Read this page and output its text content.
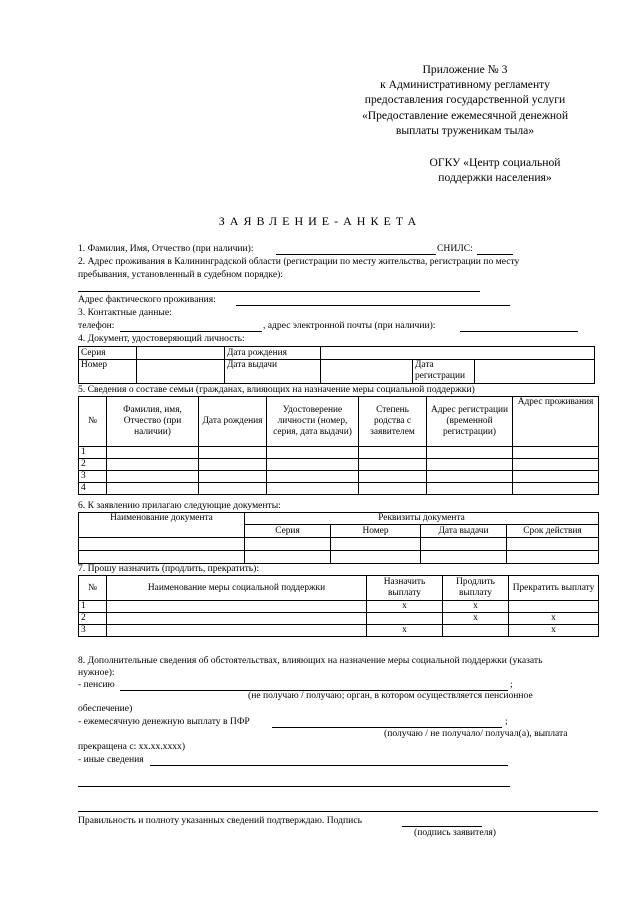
Приложение № 3
к Административному регламенту
предоставления государственной услуги
«Предоставление ежемесячной денежной
выплаты труженикам тыла»
ОГКУ «Центр социальной
поддержки населения»
ЗАЯВЛЕНИЕ-АНКЕТА
1. Фамилия, Имя, Отчество (при наличии):	СНИЛС:
2. Адрес проживания в Калининградской области (регистрации по месту жительства, регистрации по месту
пребывания, установленный в судебном порядке):
Адрес фактического проживания:
3. Контактные данные:
телефон:	, адрес электронной почты (при наличии):
4. Документ, удостоверяющий личность:
Серия		Дата рождения			
Номер		Дата выдачи		Дата
регистрации	
5. Сведения о составе семьи (гражданах, влияющих на назначение меры социальной поддержки)
№	Фамилия, имя, Отчество (при наличии)	Дата рождения	Удостоверение личности (номер, серия, дата выдачи)	Степень родства с заявителем	Адрес регистрации (временной регистрации)	Адрес проживания
1						
2						
3						
4						
6. К заявлению прилагаю следующие документы:
Наименование документа	Реквизиты документа			
	Серия	Номер	Дата выдачи	Срок действия

7. Прошу назначить (продлить, прекратить):
№	Наименование меры социальной поддержки	Назначить выплату	Продлить выплату	Прекратить выплату
1		x	x	
2			x	x
3		x		x
8. Дополнительные сведения об обстоятельствах, влияющих на назначение меры социальной поддержки (указать
нужное):
- пенсию	;
(не получаю / получаю; орган, в котором осуществляется пенсионное
обеспечение)
- ежемесячную денежную выплату в ПФР	;
(получаю / не получало/ получал(а), выплата
прекращена с: хх.хх.хххх)
- иные сведения
Правильность и полноту указанных сведений подтверждаю. Подпись
(подпись заявителя)
